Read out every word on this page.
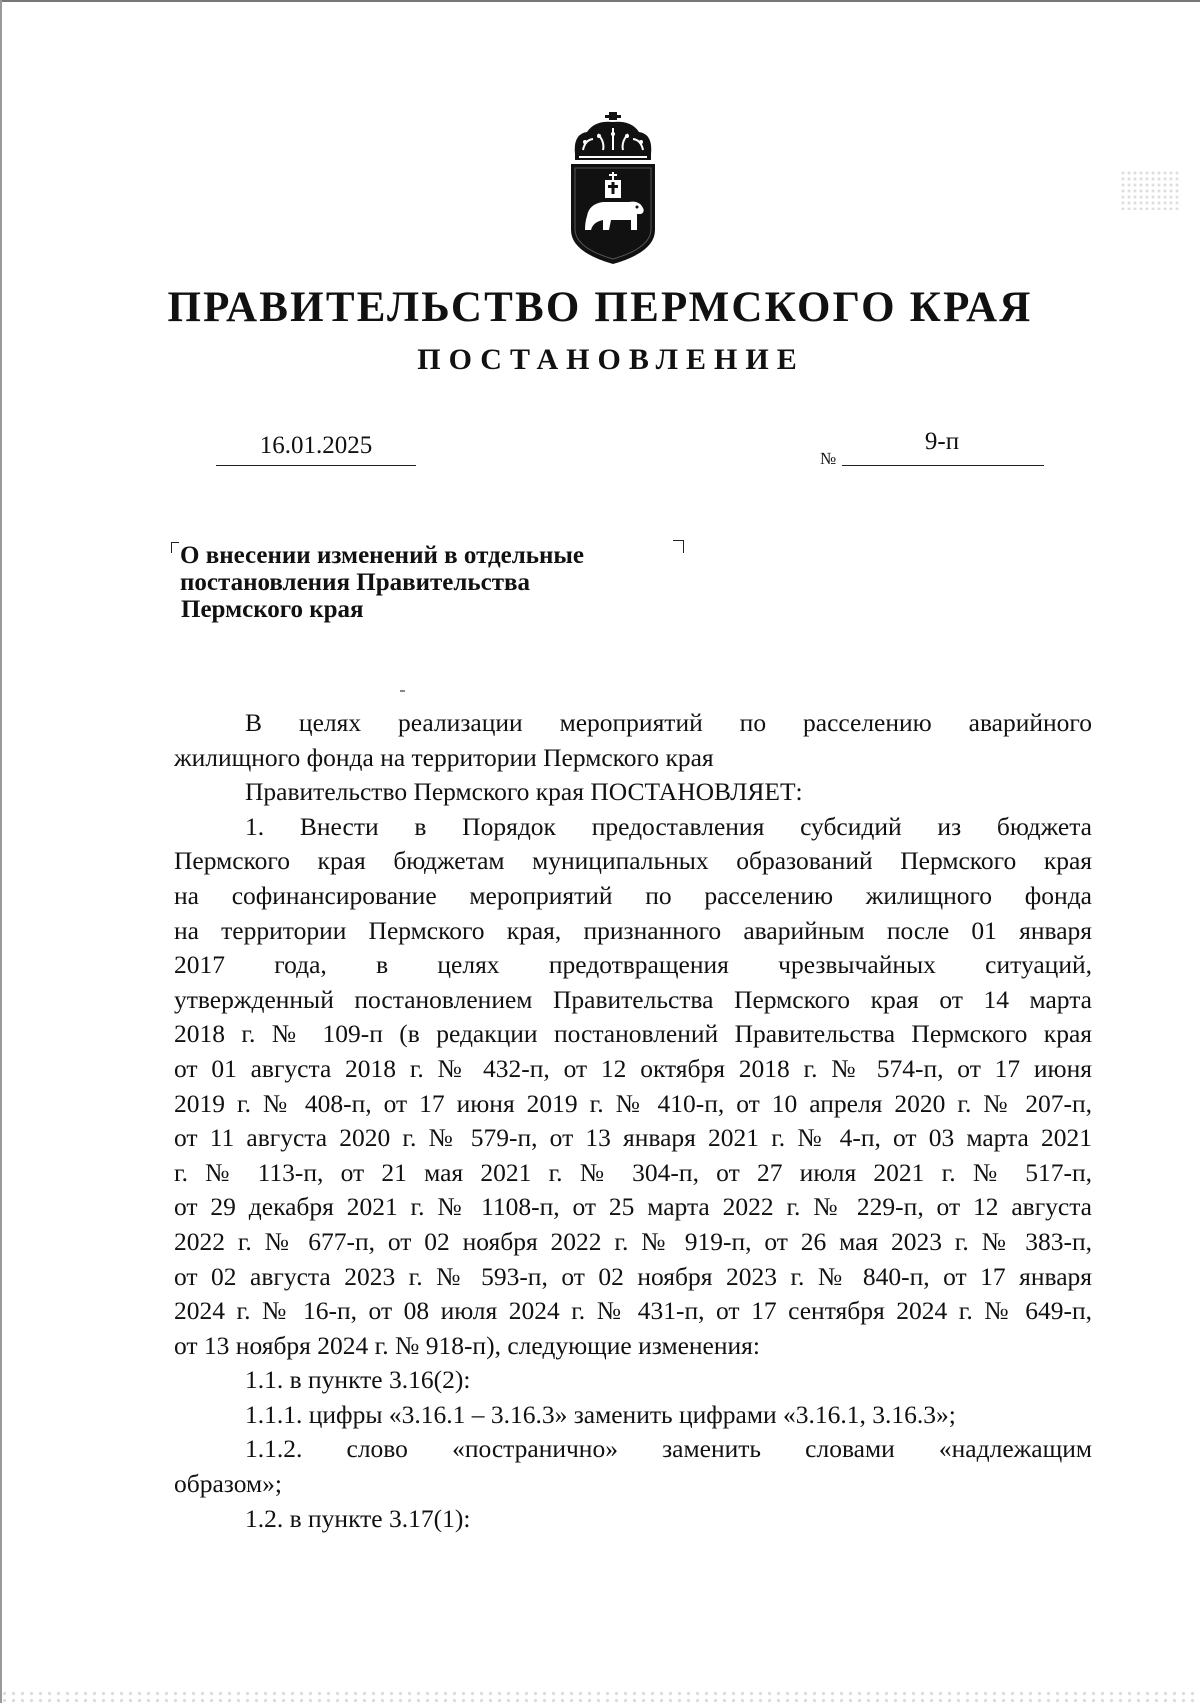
ПРАВИТЕЛЬСТВО ПЕРМСКОГО КРАЯ
ПОСТАНОВЛЕНИЕ
16.01.2025	№
9-п
О внесении изменений в отдельные
постановления Правительства
Пермского края
В целях реализации мероприятий по расселению аварийного
жилищного фонда на территории Пермского края
Правительство Пермского края ПОСТАНОВЛЯЕТ:
1. Внести в Порядок предоставления субсидий из бюджета
Пермского края бюджетам муниципальных образований Пермского края
на софинансирование мероприятий по расселению жилищного фонда
на территории Пермского края, признанного аварийным после 01 января
2017 года, в целях предотвращения чрезвычайных ситуаций,
утвержденный постановлением Правительства Пермского края от 14 марта
2018 г. № 109-п (в редакции постановлений Правительства Пермского края
от 01 августа 2018 г. № 432-п, от 12 октября 2018 г. № 574-п, от 17 июня
2019 г. № 408-п, от 17 июня 2019 г. № 410-п, от 10 апреля 2020 г. № 207-п,
от 11 августа 2020 г. № 579-п, от 13 января 2021 г. № 4-п, от 03 марта 2021
г. № 113-п, от 21 мая 2021 г. № 304-п, от 27 июля 2021 г. № 517-п,
от 29 декабря 2021 г. № 1108-п, от 25 марта 2022 г. № 229-п, от 12 августа
2022 г. № 677-п, от 02 ноября 2022 г. № 919-п, от 26 мая 2023 г. № 383-п,
от 02 августа 2023 г. № 593-п, от 02 ноября 2023 г. № 840-п, от 17 января
2024 г. № 16-п, от 08 июля 2024 г. № 431-п, от 17 сентября 2024 г. № 649-п,
от 13 ноября 2024 г. № 918-п), следующие изменения:
1.1. в пункте 3.16(2):
1.1.1. цифры «3.16.1 – 3.16.3» заменить цифрами «3.16.1, 3.16.3»;
1.1.2. слово «постранично» заменить словами «надлежащим
образом»;
1.2. в пункте 3.17(1):
